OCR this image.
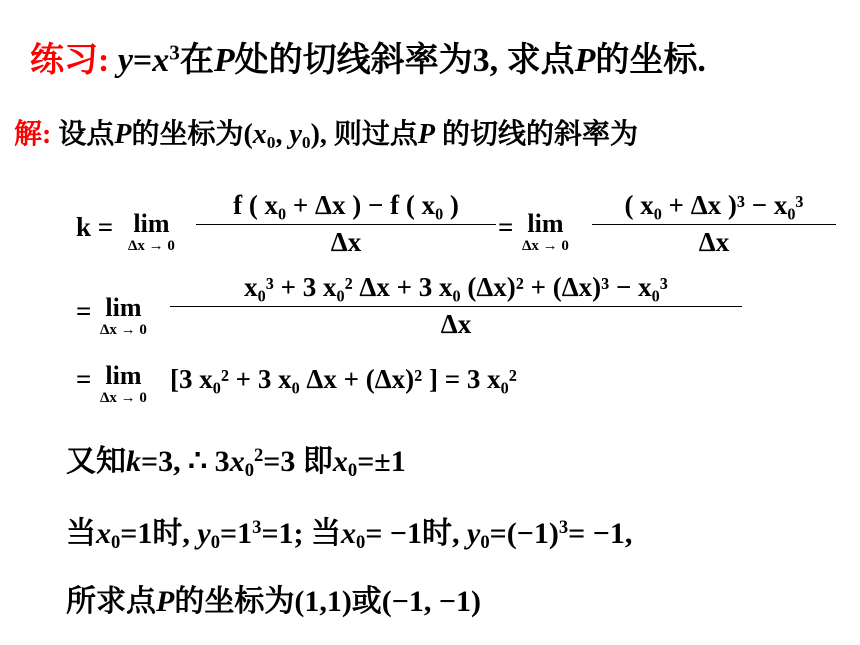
练习: $y=x^3$在P处的切线斜率为3, 求点P的坐标.
解: 设点P的坐标为($x_0$, $y_0$), 则过点P 的切线的斜率为
k = lim
Δx → 0
f ( x₀ + Δx ) − f ( x₀ )
Δx	= lim
Δx → 0
( x₀ + Δx )³ − x₀³
Δx
= lim
Δx → 0
x₀³ + 3 x₀² Δx + 3 x₀ (Δx)² + (Δx)³ − x₀³
Δx
= lim
Δx → 0
[3 x₀² + 3 x₀ Δx + (Δx)² ] = 3 x₀²
又知k=3, ∴ $3x_0^2=3$ 即$x_0=\pm 1$
当$x_0=1$时, $y_0=1^3=1$; 当$x_0= -1$时, $y_0=(-1)^3= -1$,
所求点P的坐标为(1,1)或(−1, −1)
